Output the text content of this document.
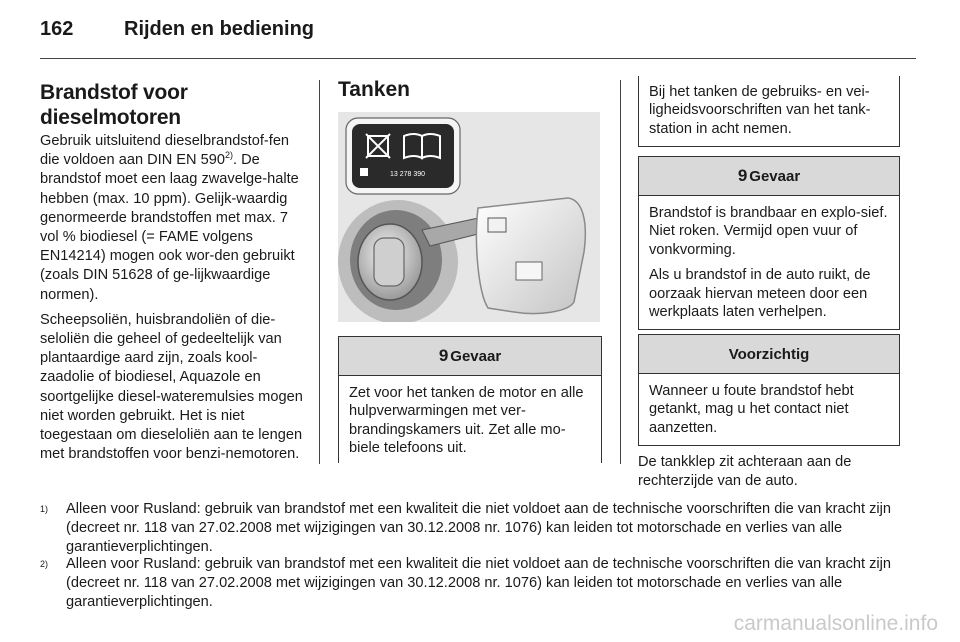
162	Rijden en bediening
Brandstof voor
dieselmotoren

Gebruik uitsluitend dieselbrandstof-fen die voldoen aan DIN EN 590$^{2)}$. De brandstof moet een laag zwavelge-halte hebben (max. 10 ppm). Gelijk-waardig genormeerde brandstoffen met max. 7 vol % biodiesel (= FAME volgens EN14214) mogen ook wor-den gebruikt (zoals DIN 51628 of ge-lijkwaardige normen).

Scheepsoliën, huisbrandoliën of die-seloliën die geheel of gedeeltelijk van plantaardige aard zijn, zoals kool-zaadolie of biodiesel, Aquazole en soortgelijke diesel-wateremulsies mogen niet worden gebruikt. Het is niet toegestaan om dieseloliën aan te lengen met brandstoffen voor benzi-nemotoren.

Tanken
13 278 390
9 Gevaar

Zet voor het tanken de motor en alle hulpverwarmingen met ver-brandingskamers uit. Zet alle mo-biele telefoons uit.

Bij het tanken de gebruiks- en vei-ligheidsvoorschriften van het tank-station in acht nemen.

9 Gevaar

Brandstof is brandbaar en explo-sief. Niet roken. Vermijd open vuur of vonkvorming.

Als u brandstof in de auto ruikt, de oorzaak hiervan meteen door een werkplaats laten verhelpen.

Voorzichtig

Wanneer u foute brandstof hebt getankt, mag u het contact niet aanzetten.

De tankklep zit achteraan aan de rechterzijde van de auto.

1) Alleen voor Rusland: gebruik van brandstof met een kwaliteit die niet voldoet aan de technische voorschriften die van kracht zijn (decreet nr. 118 van 27.02.2008 met wijzigingen van 30.12.2008 nr. 1076) kan leiden tot motorschade en verlies van alle garantieverplichtingen.
2) Alleen voor Rusland: gebruik van brandstof met een kwaliteit die niet voldoet aan de technische voorschriften die van kracht zijn (decreet nr. 118 van 27.02.2008 met wijzigingen van 30.12.2008 nr. 1076) kan leiden tot motorschade en verlies van alle garantieverplichtingen.
carmanualsonline.info
